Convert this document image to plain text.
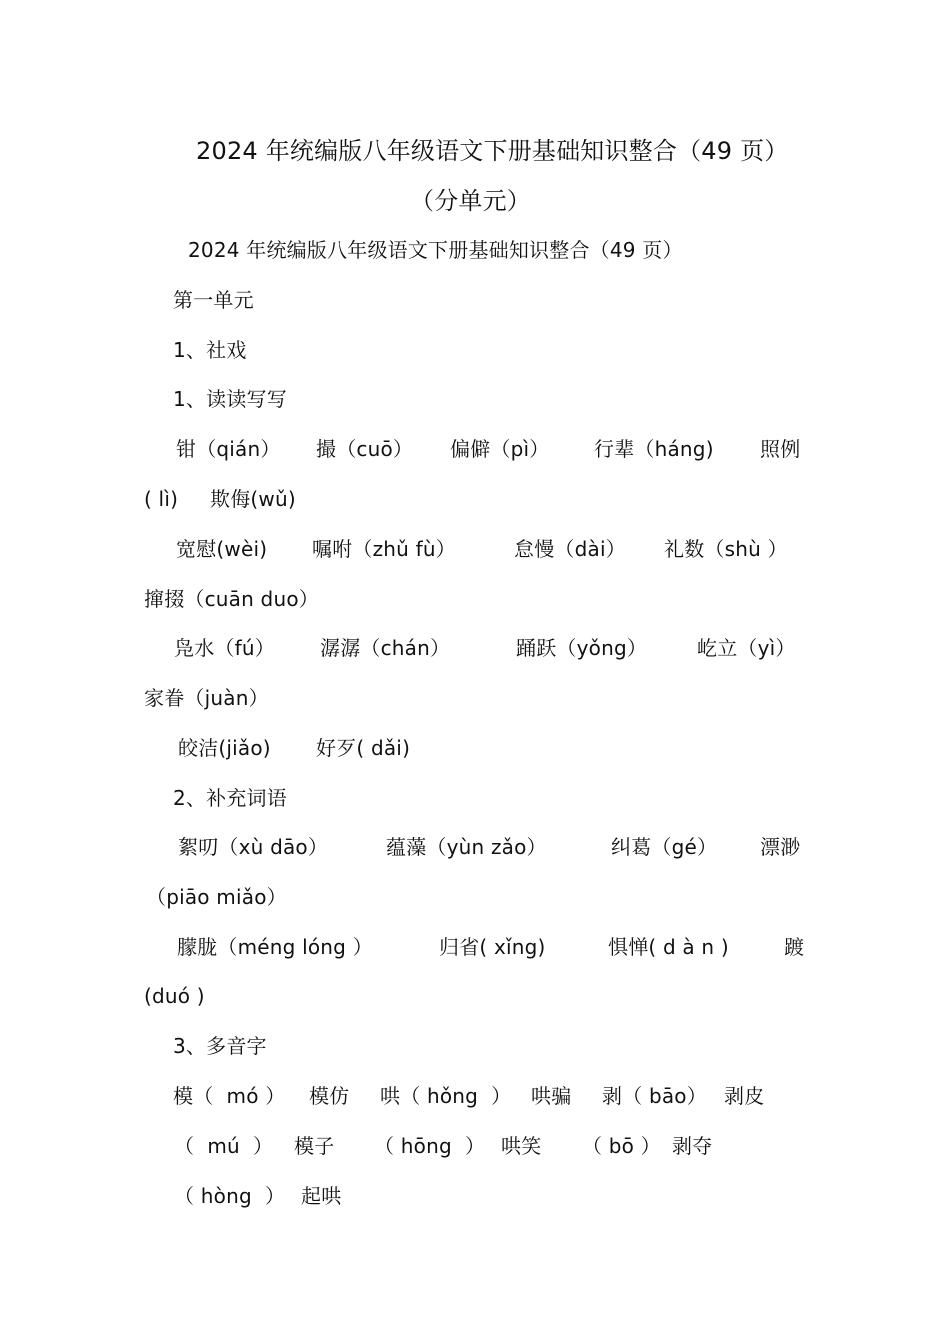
2024 年统编版八年级语文下册基础知识整合（49 页）
（分单元）
2024 年统编版八年级语文下册基础知识整合（49 页）
第一单元
1、社戏
1、读读写写
钳（qián） 撮（cuō） 偏僻（pì） 行辈（háng) 照例
( lì) 欺侮(wǔ)
宽慰(wèi) 嘱咐（zhǔ fù）	怠慢（dài） 礼数（shù ）
撺掇（cuān duo）
凫水（fú） 潺潺（chán）	踊跃（yǒng） 屹立（yì）
家眷（juàn）
皎洁(jiǎo) 好歹( dǎi)
2、补充词语
絮叨（xù dāo）	蕴藻（yùn zǎo）	纠葛（gé） 漂渺
（piāo miǎo）
朦胧（méng lóng ）	归省( xǐng)	惧惮( d à n )	踱
(duó )
3、多音字
模（  mó ） 模仿 哄（ hǒng  ） 哄骗 剥（ bāo） 剥皮
（  mú  ） 模子 （ hōng  ） 哄笑 （ bō ） 剥夺
（ hòng  ） 起哄
